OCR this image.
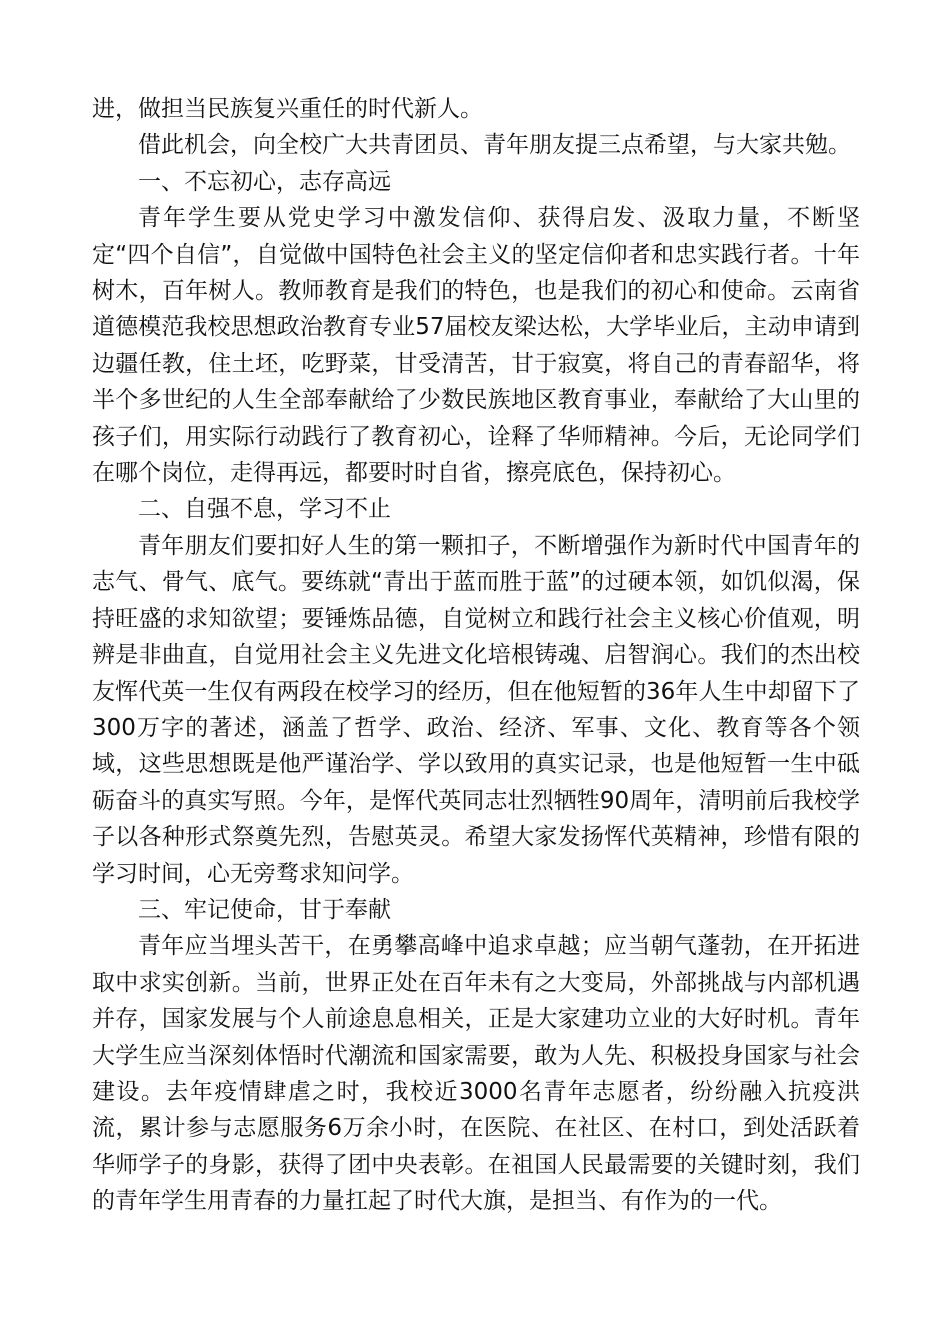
进，做担当民族复兴重任的时代新人。

借此机会，向全校广大共青团员、青年朋友提三点希望，与大家共勉。

一、不忘初心，志存高远

青年学生要从党史学习中激发信仰、获得启发、汲取力量，不断坚定“四个自信”，自觉做中国特色社会主义的坚定信仰者和忠实践行者。十年树木，百年树人。教师教育是我们的特色，也是我们的初心和使命。云南省道德模范我校思想政治教育专业57届校友梁达松，大学毕业后，主动申请到边疆任教，住土坯，吃野菜，甘受清苦，甘于寂寞，将自己的青春韶华，将半个多世纪的人生全部奉献给了少数民族地区教育事业，奉献给了大山里的孩子们，用实际行动践行了教育初心，诠释了华师精神。今后，无论同学们在哪个岗位，走得再远，都要时时自省，擦亮底色，保持初心。

二、自强不息，学习不止

青年朋友们要扣好人生的第一颗扣子，不断增强作为新时代中国青年的志气、骨气、底气。要练就“青出于蓝而胜于蓝”的过硬本领，如饥似渴，保持旺盛的求知欲望；要锤炼品德，自觉树立和践行社会主义核心价值观，明辨是非曲直，自觉用社会主义先进文化培根铸魂、启智润心。我们的杰出校友恽代英一生仅有两段在校学习的经历，但在他短暂的36年人生中却留下了300万字的著述，涵盖了哲学、政治、经济、军事、文化、教育等各个领域，这些思想既是他严谨治学、学以致用的真实记录，也是他短暂一生中砥砺奋斗的真实写照。今年，是恽代英同志壮烈牺牲90周年，清明前后我校学子以各种形式祭奠先烈，告慰英灵。希望大家发扬恽代英精神，珍惜有限的学习时间，心无旁骛求知问学。

三、牢记使命，甘于奉献

青年应当埋头苦干，在勇攀高峰中追求卓越；应当朝气蓬勃，在开拓进取中求实创新。当前，世界正处在百年未有之大变局，外部挑战与内部机遇并存，国家发展与个人前途息息相关，正是大家建功立业的大好时机。青年大学生应当深刻体悟时代潮流和国家需要，敢为人先、积极投身国家与社会建设。去年疫情肆虐之时，我校近3000名青年志愿者，纷纷融入抗疫洪流，累计参与志愿服务6万余小时，在医院、在社区、在村口，到处活跃着华师学子的身影，获得了团中央表彰。在祖国人民最需要的关键时刻，我们的青年学生用青春的力量扛起了时代大旗，是担当、有作为的一代。
